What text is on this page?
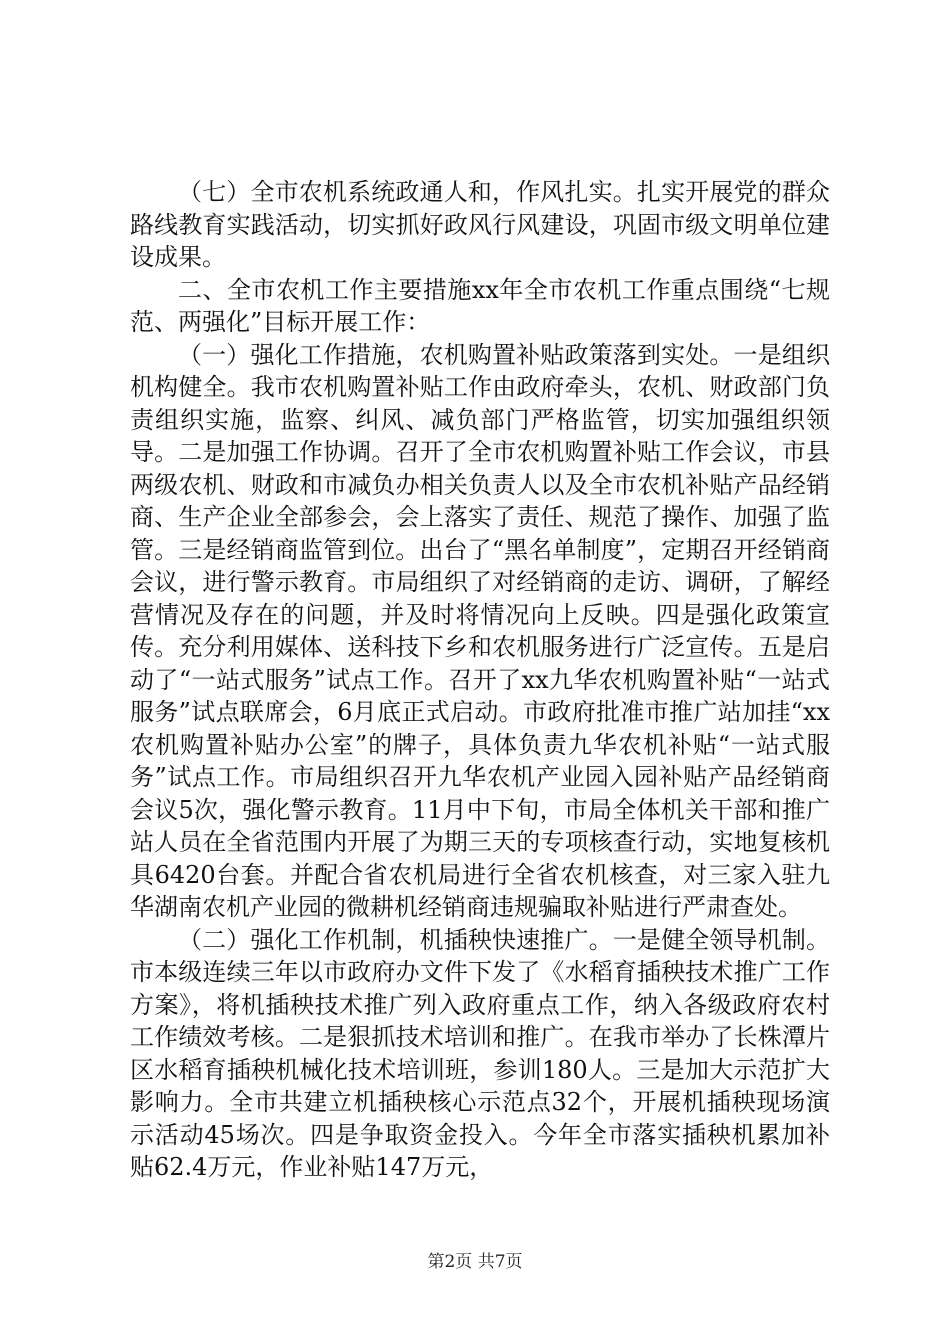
（七）全市农机系统政通人和，作风扎实。扎实开展党的群众路线教育实践活动，切实抓好政风行风建设，巩固市级文明单位建设成果。

二、全市农机工作主要措施xx年全市农机工作重点围绕“七规范、两强化”目标开展工作：

（一）强化工作措施，农机购置补贴政策落到实处。一是组织机构健全。我市农机购置补贴工作由政府牵头，农机、财政部门负责组织实施，监察、纠风、减负部门严格监管，切实加强组织领导。二是加强工作协调。召开了全市农机购置补贴工作会议，市县两级农机、财政和市减负办相关负责人以及全市农机补贴产品经销商、生产企业全部参会，会上落实了责任、规范了操作、加强了监管。三是经销商监管到位。出台了“黑名单制度”，定期召开经销商会议，进行警示教育。市局组织了对经销商的走访、调研，了解经营情况及存在的问题，并及时将情况向上反映。四是强化政策宣传。充分利用媒体、送科技下乡和农机服务进行广泛宣传。五是启动了“一站式服务”试点工作。召开了xx九华农机购置补贴“一站式服务”试点联席会，6月底正式启动。市政府批准市推广站加挂“xx农机购置补贴办公室”的牌子，具体负责九华农机补贴“一站式服务”试点工作。市局组织召开九华农机产业园入园补贴产品经销商会议5次，强化警示教育。11月中下旬，市局全体机关干部和推广站人员在全省范围内开展了为期三天的专项核查行动，实地复核机具6420台套。并配合省农机局进行全省农机核查，对三家入驻九华湖南农机产业园的微耕机经销商违规骗取补贴进行严肃查处。

（二）强化工作机制，机插秧快速推广。一是健全领导机制。市本级连续三年以市政府办文件下发了《水稻育插秧技术推广工作方案》，将机插秧技术推广列入政府重点工作，纳入各级政府农村工作绩效考核。二是狠抓技术培训和推广。在我市举办了长株潭片区水稻育插秧机械化技术培训班，参训180人。三是加大示范扩大影响力。全市共建立机插秧核心示范点32个，开展机插秧现场演示活动45场次。四是争取资金投入。今年全市落实插秧机累加补贴62.4万元，作业补贴147万元，

第2页 共7页
